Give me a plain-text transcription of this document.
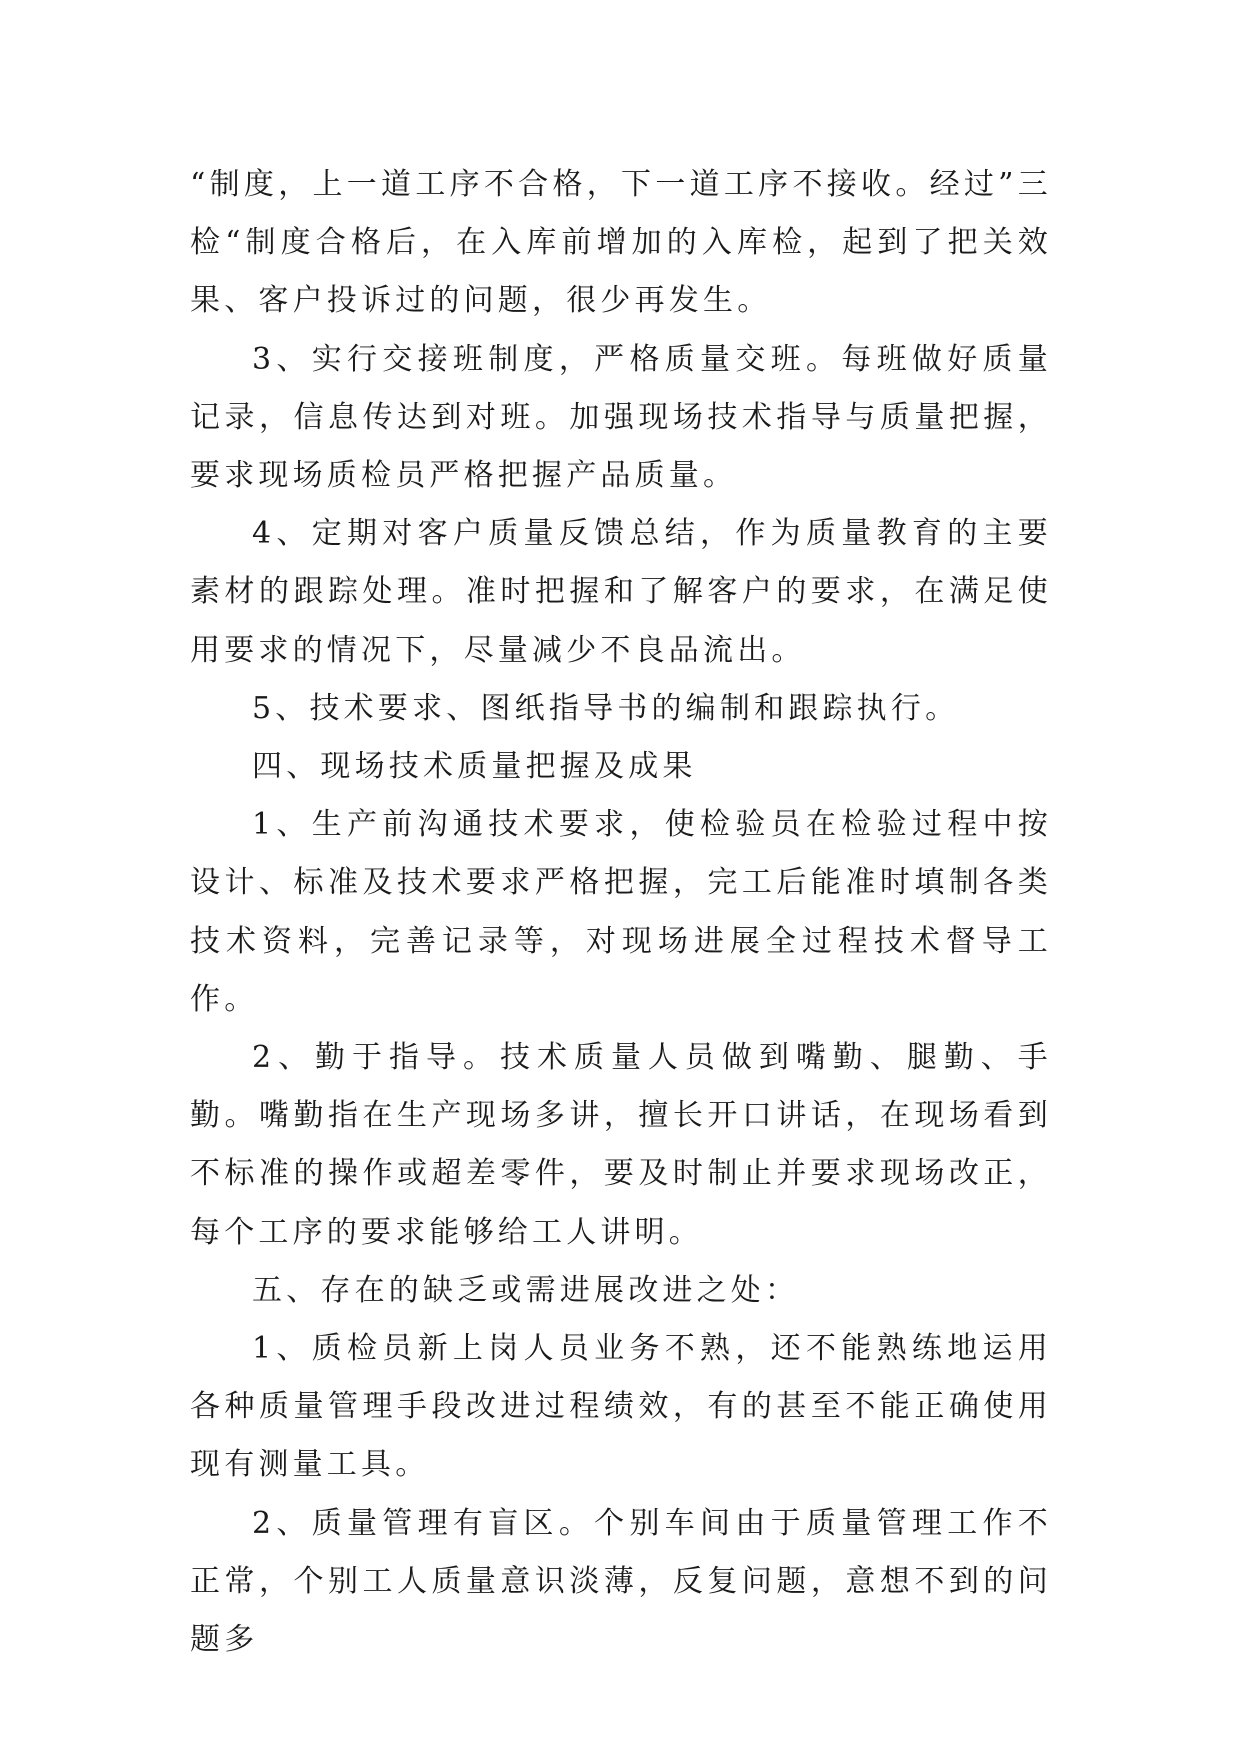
“制度，上一道工序不合格，下一道工序不接收。经过”三检“制度合格后，在入库前增加的入库检，起到了把关效果、客户投诉过的问题，很少再发生。

3、实行交接班制度，严格质量交班。每班做好质量记录，信息传达到对班。加强现场技术指导与质量把握，要求现场质检员严格把握产品质量。

4、定期对客户质量反馈总结，作为质量教育的主要素材的跟踪处理。准时把握和了解客户的要求，在满足使用要求的情况下，尽量减少不良品流出。

5、技术要求、图纸指导书的编制和跟踪执行。

四、现场技术质量把握及成果

1、生产前沟通技术要求，使检验员在检验过程中按设计、标准及技术要求严格把握，完工后能准时填制各类技术资料，完善记录等，对现场进展全过程技术督导工作。

2、勤于指导。技术质量人员做到嘴勤、腿勤、手勤。嘴勤指在生产现场多讲，擅长开口讲话，在现场看到不标准的操作或超差零件，要及时制止并要求现场改正，每个工序的要求能够给工人讲明。

五、存在的缺乏或需进展改进之处：

1、质检员新上岗人员业务不熟，还不能熟练地运用各种质量管理手段改进过程绩效，有的甚至不能正确使用现有测量工具。

2、质量管理有盲区。个别车间由于质量管理工作不正常，个别工人质量意识淡薄，反复问题，意想不到的问题多
